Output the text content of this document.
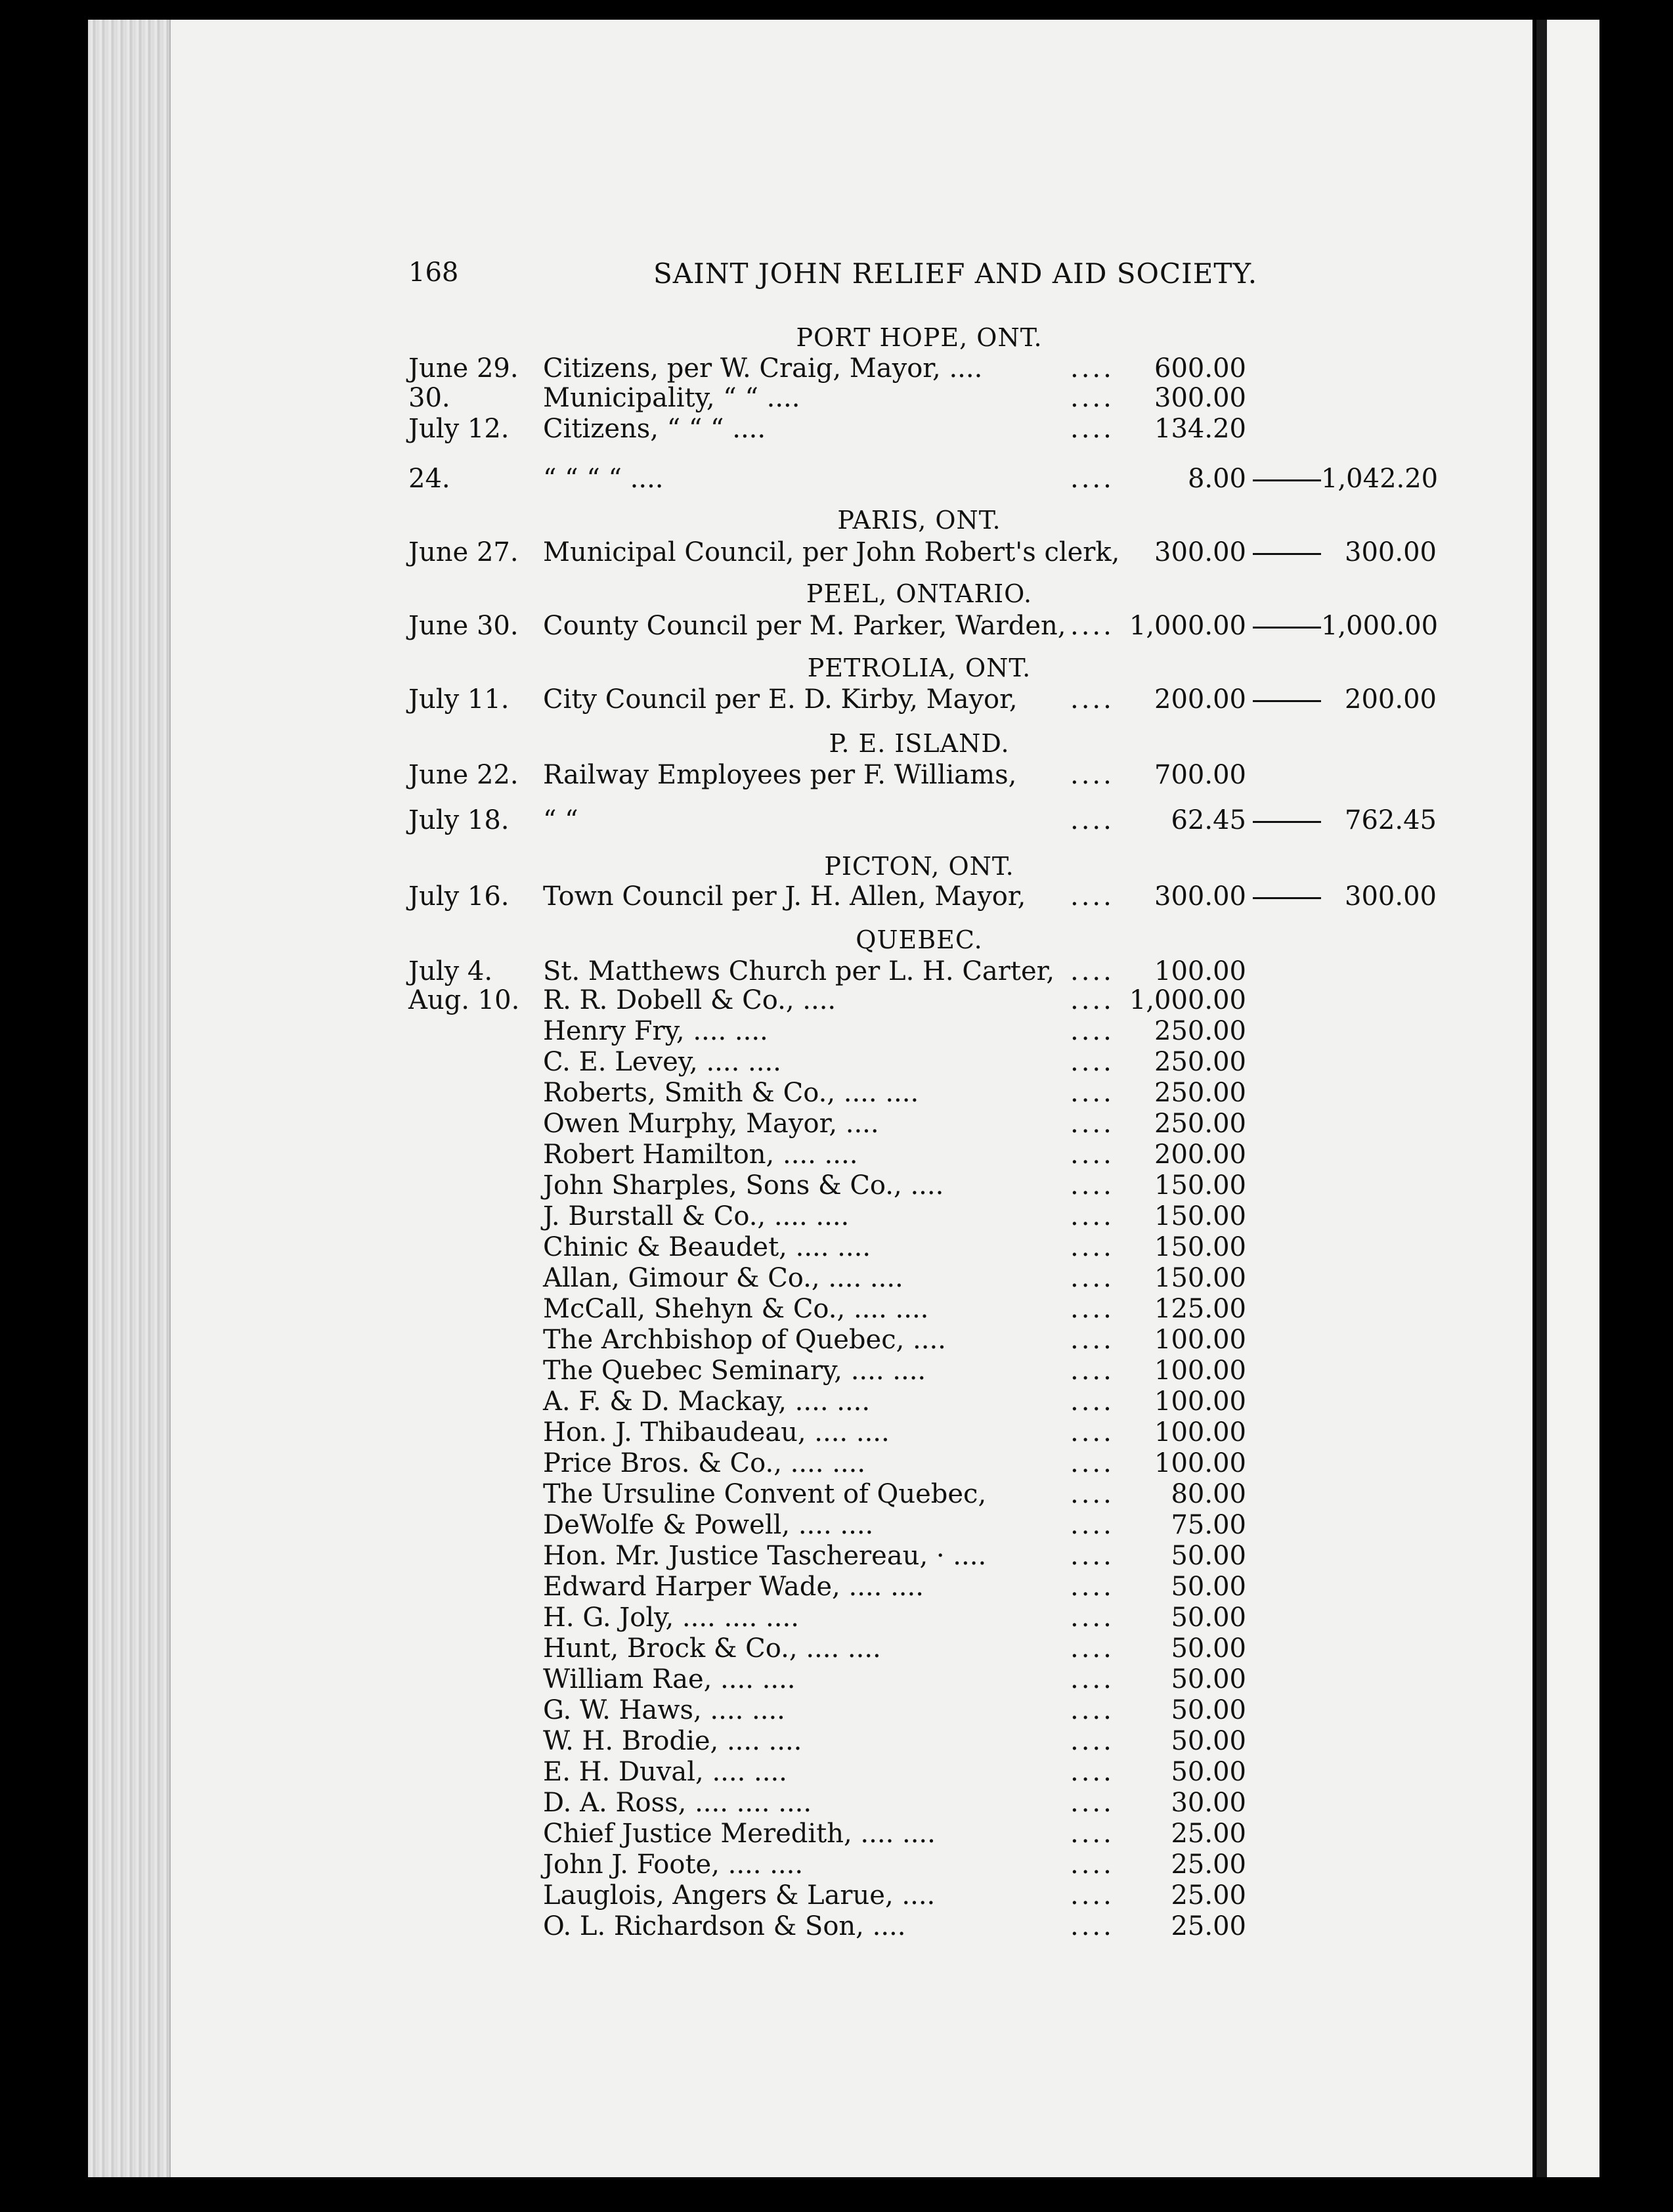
168	SAINT JOHN RELIEF AND AID SOCIETY.
PORT HOPE, ONT.
June 29. Citizens, per W. Craig, Mayor, ....	....	600.00
30.	Municipality, “ “ ....	....	300.00
July 12. Citizens, “ “ “ ....	....	134.20
24.	“ “ “ “ ....	....	8.00	1,042.20
PARIS, ONT.
June 27. Municipal Council, per John Robert's clerk,	300.00	300.00
PEEL, ONTARIO.
June 30. County Council per M. Parker, Warden, .... 1,000.00	1,000.00
PETROLIA, ONT.
July 11. City Council per E. D. Kirby, Mayor, ....	200.00	200.00
P. E. ISLAND.
June 22. Railway Employees per F. Williams, ....	700.00
July 18. “ “	....	62.45	762.45
PICTON, ONT.
July 16. Town Council per J. H. Allen, Mayor, ....	300.00	300.00
QUEBEC.
July 4. St. Matthews Church per L. H. Carter, ....	100.00
Aug. 10. R. R. Dobell & Co., ....	.... 1,000.00
Henry Fry, .... ....	....	250.00
C. E. Levey, .... ....	....	250.00
Roberts, Smith & Co., .... ....	....	250.00
Owen Murphy, Mayor, ....	....	250.00
Robert Hamilton, .... ....	....	200.00
John Sharples, Sons & Co., ....	....	150.00
J. Burstall & Co., .... ....	....	150.00
Chinic & Beaudet, .... ....	....	150.00
Allan, Gimour & Co., .... ....	....	150.00
McCall, Shehyn & Co., .... ....	....	125.00
The Archbishop of Quebec, ....	....	100.00
The Quebec Seminary, .... ....	....	100.00
A. F. & D. Mackay, .... ....	....	100.00
Hon. J. Thibaudeau, .... ....	....	100.00
Price Bros. & Co., .... ....	....	100.00
The Ursuline Convent of Quebec,	....	80.00
DeWolfe & Powell, .... ....	....	75.00
Hon. Mr. Justice Taschereau, · ....	....	50.00
Edward Harper Wade, .... ....	....	50.00
H. G. Joly, .... .... ....	....	50.00
Hunt, Brock & Co., .... ....	....	50.00
William Rae, .... ....	....	50.00
G. W. Haws, .... ....	....	50.00
W. H. Brodie, .... ....	....	50.00
E. H. Duval, .... ....	....	50.00
D. A. Ross, .... .... ....	....	30.00
Chief Justice Meredith, .... ....	....	25.00
John J. Foote, .... ....	....	25.00
Lauglois, Angers & Larue, ....	....	25.00
O. L. Richardson & Son, ....	....	25.00
